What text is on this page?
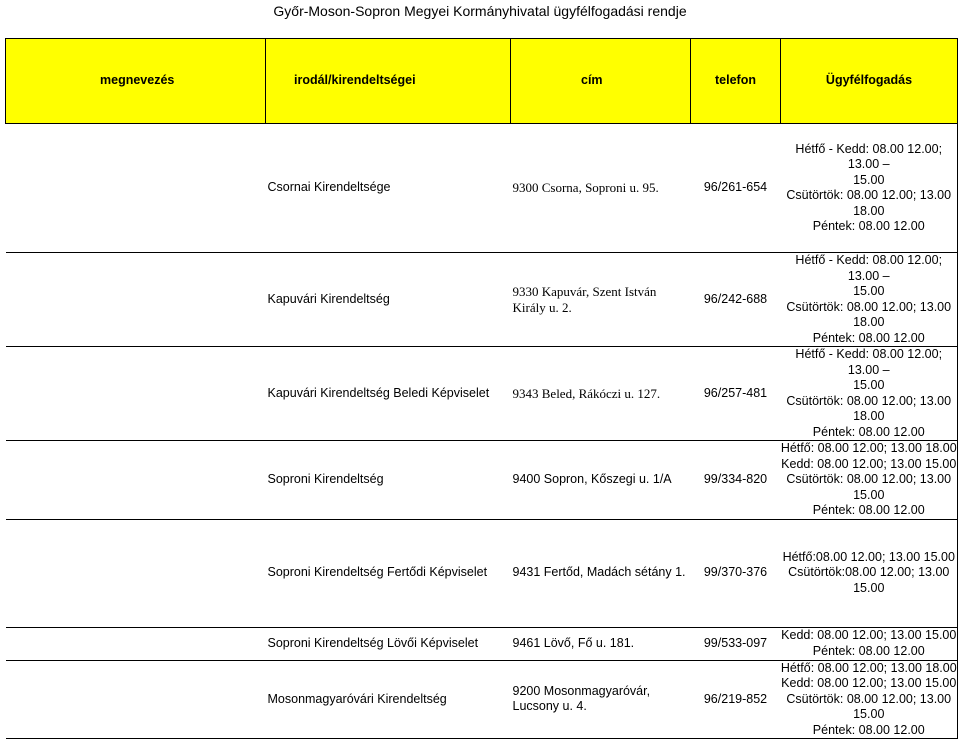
Győr-Moson-Sopron Megyei Kormányhivatal ügyfélfogadási rendje
megnevezés	irodál/kirendeltségei	cím	telefon	Ügyfélfogadás
Csornai Kirendeltsége		9300 Csorna, Soproni u. 95.	96/261-654	Hétfő - Kedd: 08.00 12.00; 13.00 –
15.00
Csütörtök: 08.00 12.00; 13.00 18.00
Péntek: 08.00 12.00

Kapuvári Kirendeltség		9330 Kapuvár, Szent István Király u. 2.	96/242-688	Hétfő - Kedd: 08.00 12.00; 13.00 –
15.00
Csütörtök: 08.00 12.00; 13.00 18.00
Péntek: 08.00 12.00

Kapuvári Kirendeltség Beledi Képviselet		9343 Beled, Rákóczi u. 127.	96/257-481	Hétfő - Kedd: 08.00 12.00; 13.00 –
15.00
Csütörtök: 08.00 12.00; 13.00 18.00
Péntek: 08.00 12.00

Soproni Kirendeltség		9400 Sopron, Kőszegi u. 1/A	99/334-820	Hétfő: 08.00 12.00; 13.00 18.00
Kedd: 08.00 12.00; 13.00 15.00
Csütörtök: 08.00 12.00; 13.00 15.00
Péntek: 08.00 12.00

Soproni Kirendeltség Fertődi Képviselet		9431 Fertőd, Madách sétány 1.	99/370-376	Hétfő:08.00 12.00; 13.00 15.00
Csütörtök:08.00 12.00; 13.00 15.00

Soproni Kirendeltség Lövői Képviselet		9461 Lövő, Fő u. 181.	99/533-097	Kedd: 08.00 12.00; 13.00 15.00
Péntek: 08.00 12.00

Mosonmagyaróvári Kirendeltség		9200 Mosonmagyaróvár, Lucsony u. 4.	96/219-852	Hétfő: 08.00 12.00; 13.00 18.00
Kedd: 08.00 12.00; 13.00 15.00
Csütörtök: 08.00 12.00; 13.00 15.00
Péntek: 08.00 12.00
